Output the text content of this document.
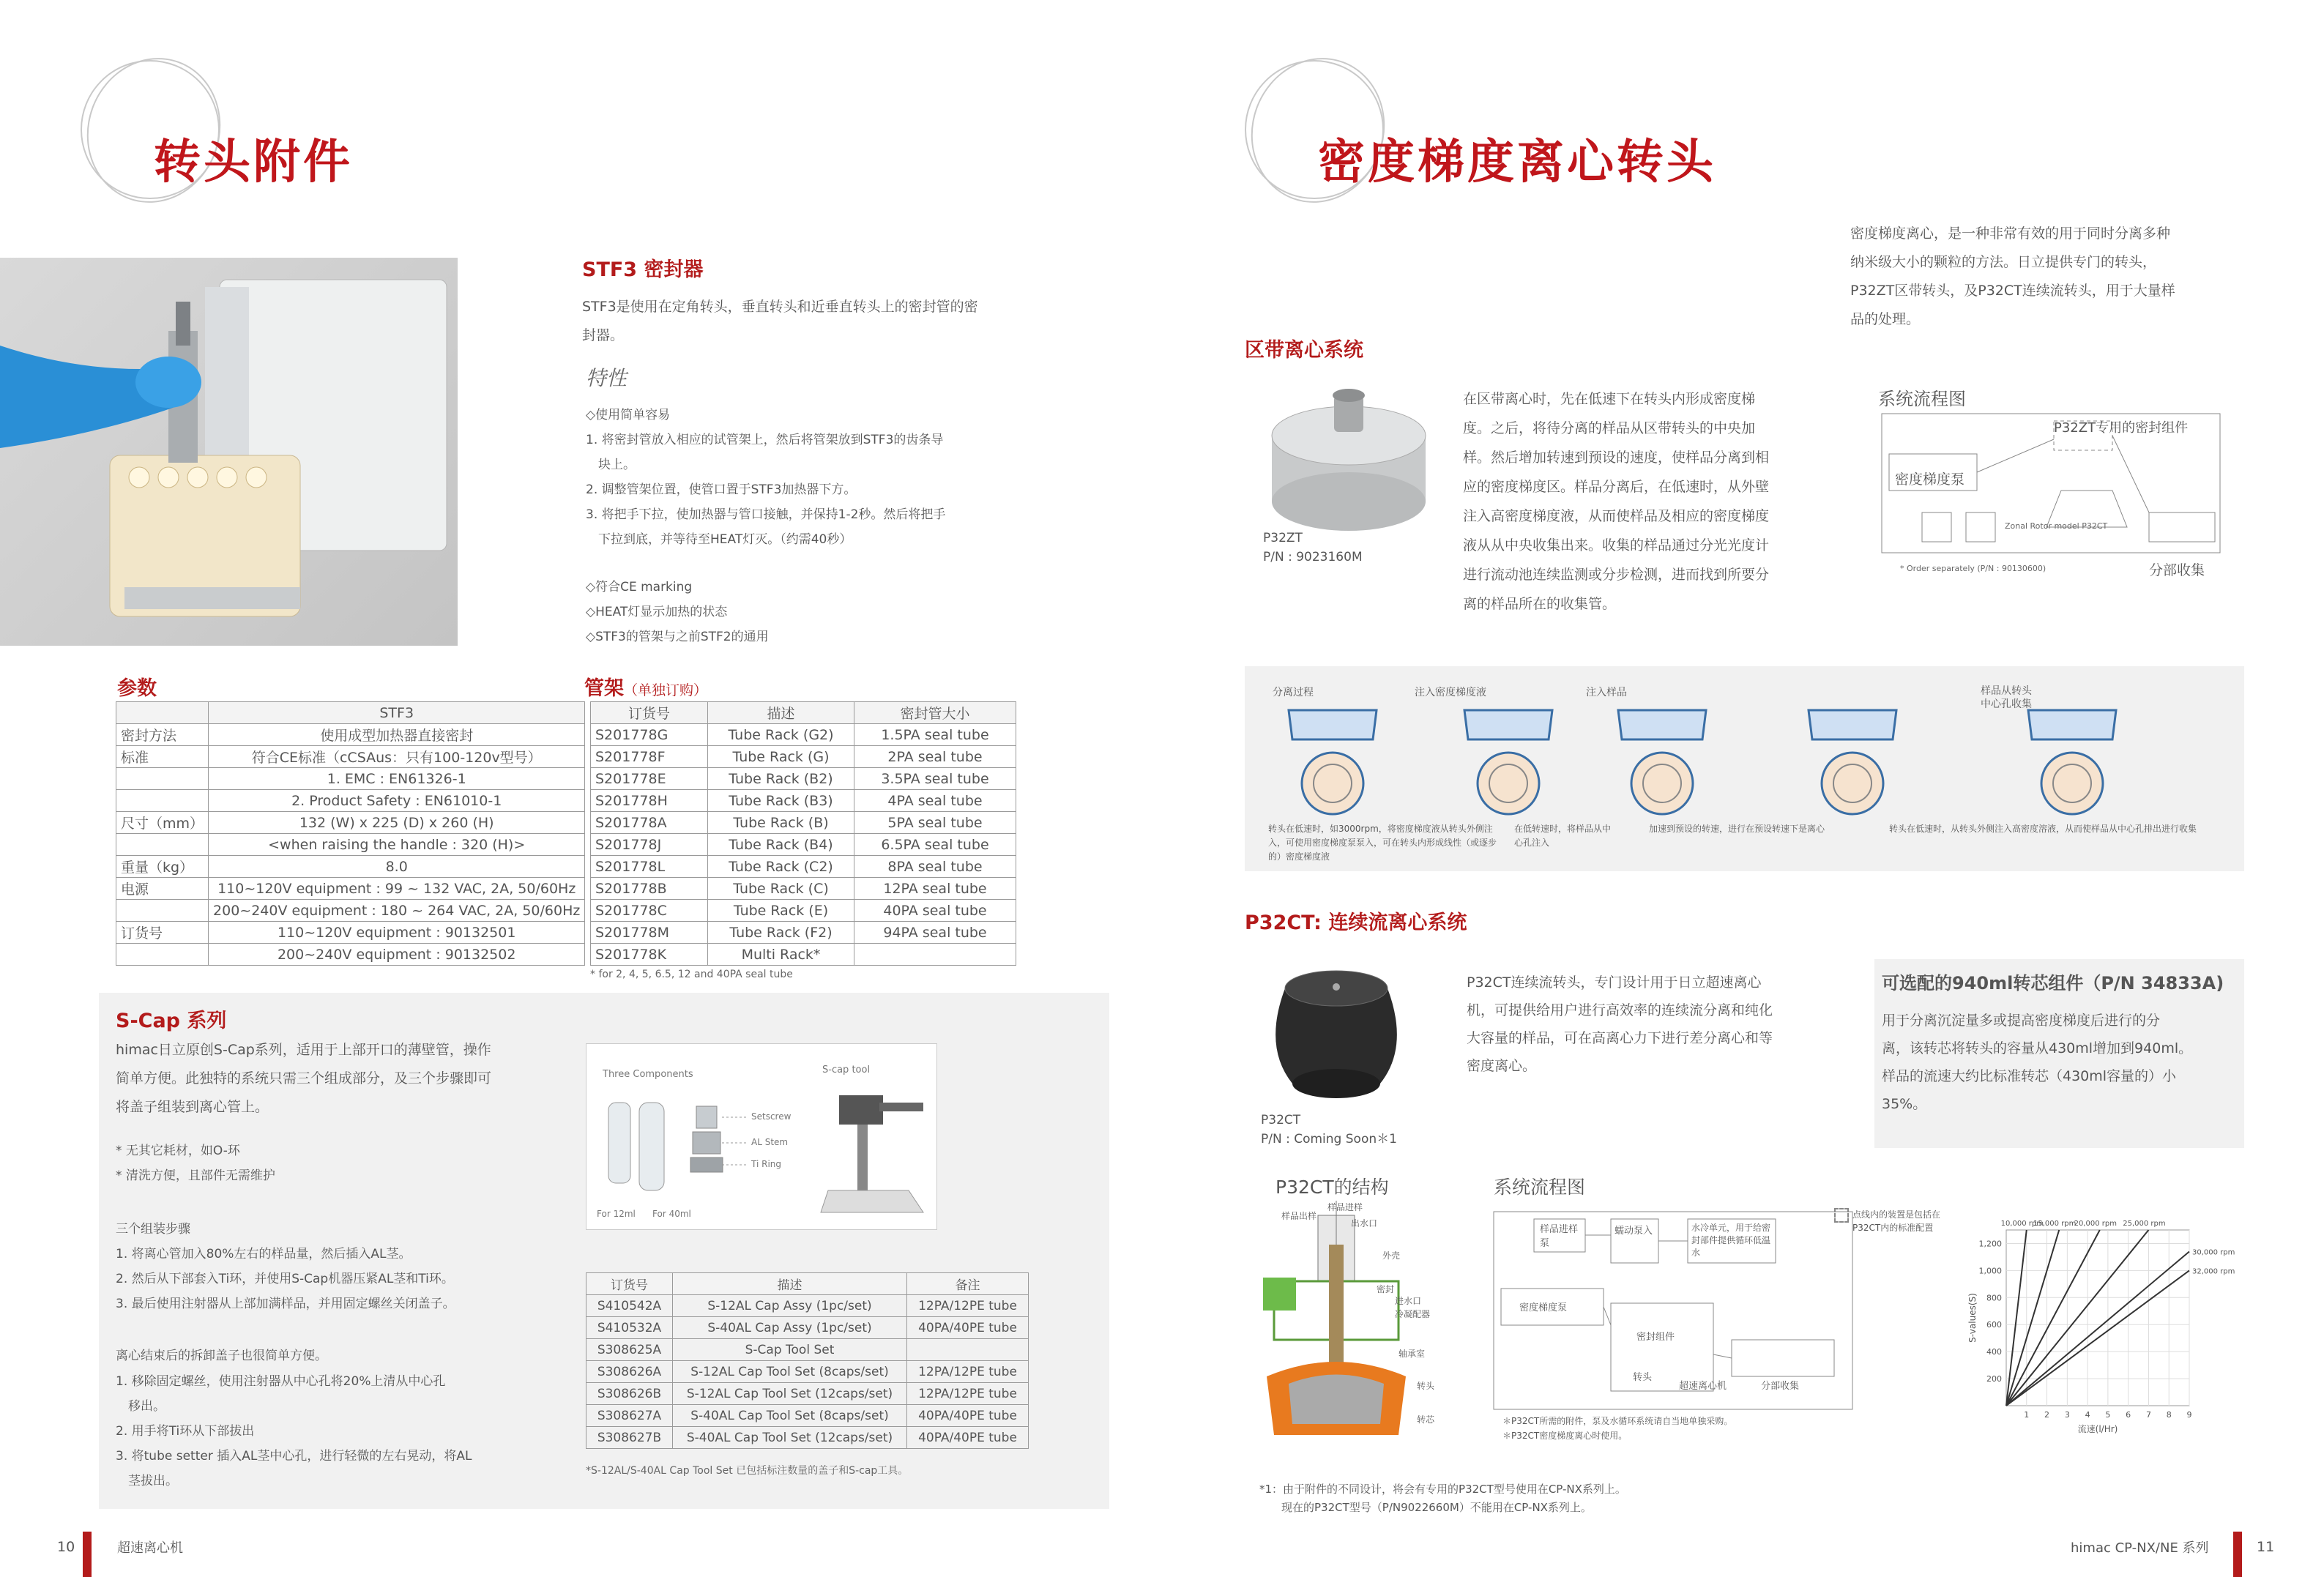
转头附件
STF3 密封器
STF3是使用在定角转头，垂直转头和近垂直转头上的密封管的密
封器。
特性
◇使用简单容易
1. 将密封管放入相应的试管架上，然后将管架放到STF3的齿条导
　块上。
2. 调整管架位置，使管口置于STF3加热器下方。
3. 将把手下拉，使加热器与管口接触，并保持1-2秒。然后将把手
　下拉到底，并等待至HEAT灯灭。（约需40秒）
◇符合CE marking
◇HEAT灯显示加热的状态
◇STF3的管架与之前STF2的通用
参数
	STF3
密封方法	使用成型加热器直接密封
标准	符合CE标准（cCSAus：只有100-120v型号）
	1. EMC : EN61326-1
	2. Product Safety : EN61010-1
尺寸（mm）	132 (W) x 225 (D) x 260 (H)
	<when raising the handle : 320 (H)>
重量（kg）	8.0
电源	110~120V equipment : 99 ~ 132 VAC, 2A, 50/60Hz
	200~240V equipment : 180 ~ 264 VAC, 2A, 50/60Hz
订货号	110~120V equipment : 90132501
	200~240V equipment : 90132502
管架（单独订购）
订货号	描述	密封管大小
S201778G	Tube Rack (G2)	1.5PA seal tube
S201778F	Tube Rack (G)	2PA seal tube
S201778E	Tube Rack (B2)	3.5PA seal tube
S201778H	Tube Rack (B3)	4PA seal tube
S201778A	Tube Rack (B)	5PA seal tube
S201778J	Tube Rack (B4)	6.5PA seal tube
S201778L	Tube Rack (C2)	8PA seal tube
S201778B	Tube Rack (C)	12PA seal tube
S201778C	Tube Rack (E)	40PA seal tube
S201778M	Tube Rack (F2)	94PA seal tube
S201778K	Multi Rack*	
* for 2, 4, 5, 6.5, 12 and 40PA seal tube
S-Cap 系列
himac日立原创S-Cap系列，适用于上部开口的薄壁管，操作
简单方便。此独特的系统只需三个组成部分，及三个步骤即可
将盖子组装到离心管上。
* 无其它耗材，如O-环
* 清洗方便，且部件无需维护
三个组装步骤
1. 将离心管加入80%左右的样品量，然后插入AL茎。
2. 然后从下部套入Ti环，并使用S-Cap机器压紧AL茎和Ti环。
3. 最后使用注射器从上部加满样品，并用固定螺丝关闭盖子。
离心结束后的拆卸盖子也很简单方便。
1. 移除固定螺丝，使用注射器从中心孔将20%上清从中心孔
　移出。
2. 用手将Ti环从下部拔出
3. 将tube setter 插入AL茎中心孔，进行轻微的左右晃动，将AL
　茎拔出。
Three Components	S-cap tool
Setscrew
AL Stem
Ti Ring
For 12ml For 40ml
订货号	描述	备注
S410542A	S-12AL Cap Assy (1pc/set)	12PA/12PE tube
S410532A	S-40AL Cap Assy (1pc/set)	40PA/40PE tube
S308625A	S-Cap Tool Set	
S308626A	S-12AL Cap Tool Set (8caps/set)	12PA/12PE tube
S308626B	S-12AL Cap Tool Set (12caps/set)	12PA/12PE tube
S308627A	S-40AL Cap Tool Set (8caps/set)	40PA/40PE tube
S308627B	S-40AL Cap Tool Set (12caps/set)	40PA/40PE tube
*S-12AL/S-40AL Cap Tool Set 已包括标注数量的盖子和S-cap工具。
10	超速离心机
密度梯度离心转头
密度梯度离心，是一种非常有效的用于同时分离多种
纳米级大小的颗粒的方法。日立提供专门的转头，
P32ZT区带转头，及P32CT连续流转头，用于大量样
品的处理。
区带离心系统
P32ZT
P/N : 9023160M
在区带离心时，先在低速下在转头内形成密度梯
度。之后，将待分离的样品从区带转头的中央加
样。然后增加转速到预设的速度，使样品分离到相
应的密度梯度区。样品分离后，在低速时，从外壁
注入高密度梯度液，从而使样品及相应的密度梯度
液从从中央收集出来。收集的样品通过分光光度计
进行流动池连续监测或分步检测，进而找到所要分
离的样品所在的收集管。
系统流程图
P32ZT专用的密封组件
密度梯度泵
Zonal Rotor model P32CT
* Order separately (P/N : 90130600)	分部收集
分离过程	注入密度梯度液	注入样品	样品从转头
中心孔收集
转头在低速时，如3000rpm，将密度梯度液从转头外侧注入，可使用密度梯度泵泵入，可在转头内形成线性（或逐步的）密度梯度液
在低转速时，将样品从中心孔注入
加速到预设的转速，进行在预设转速下是离心	转头在低速时，从转头外侧注入高密度溶液，从而使样品从中心孔排出进行收集
P32CT: 连续流离心系统
P32CT
P/N : Coming Soon＊1
P32CT连续流转头，专门设计用于日立超速离心
机，可提供给用户进行高效率的连续流分离和纯化
大容量的样品，可在高离心力下进行差分离心和等
密度离心。
可选配的940ml转芯组件（P/N 34833A)
用于分离沉淀量多或提高密度梯度后进行的分
离，该转芯将转头的容量从430ml增加到940ml。
样品的流速大约比标准转芯（430ml容量的）小
35%。
P32CT的结构
样品进样
样品出样
出水口
外壳
密封
进水口
冷凝配器
轴承室
转头
转芯
系统流程图
样品进样泵
蠕动泵入	水冷单元，用于给密封部件提供循环低温水
密度梯度泵
密封组件
转头
超速离心机	分部收集
点线内的装置是包括在P32CT内的标准配置
＊P32CT所需的附件，泵及水循环系统请自当地单独采购。
＊P32CT密度梯度离心时使用。
1 2 3 4 5 6 7 8 9
200
400
600
800
1,000
1,200
10,000 rpm
15,000 rpm
20,000 rpm 25,000 rpm
30,000 rpm
32,000 rpm
流速(l/Hr)
S-values(S)
*1：由于附件的不同设计，将会有专用的P32CT型号使用在CP-NX系列上。
　　现在的P32CT型号（P/N9022660M）不能用在CP-NX系列上。
himac CP-NX/NE 系列	11
